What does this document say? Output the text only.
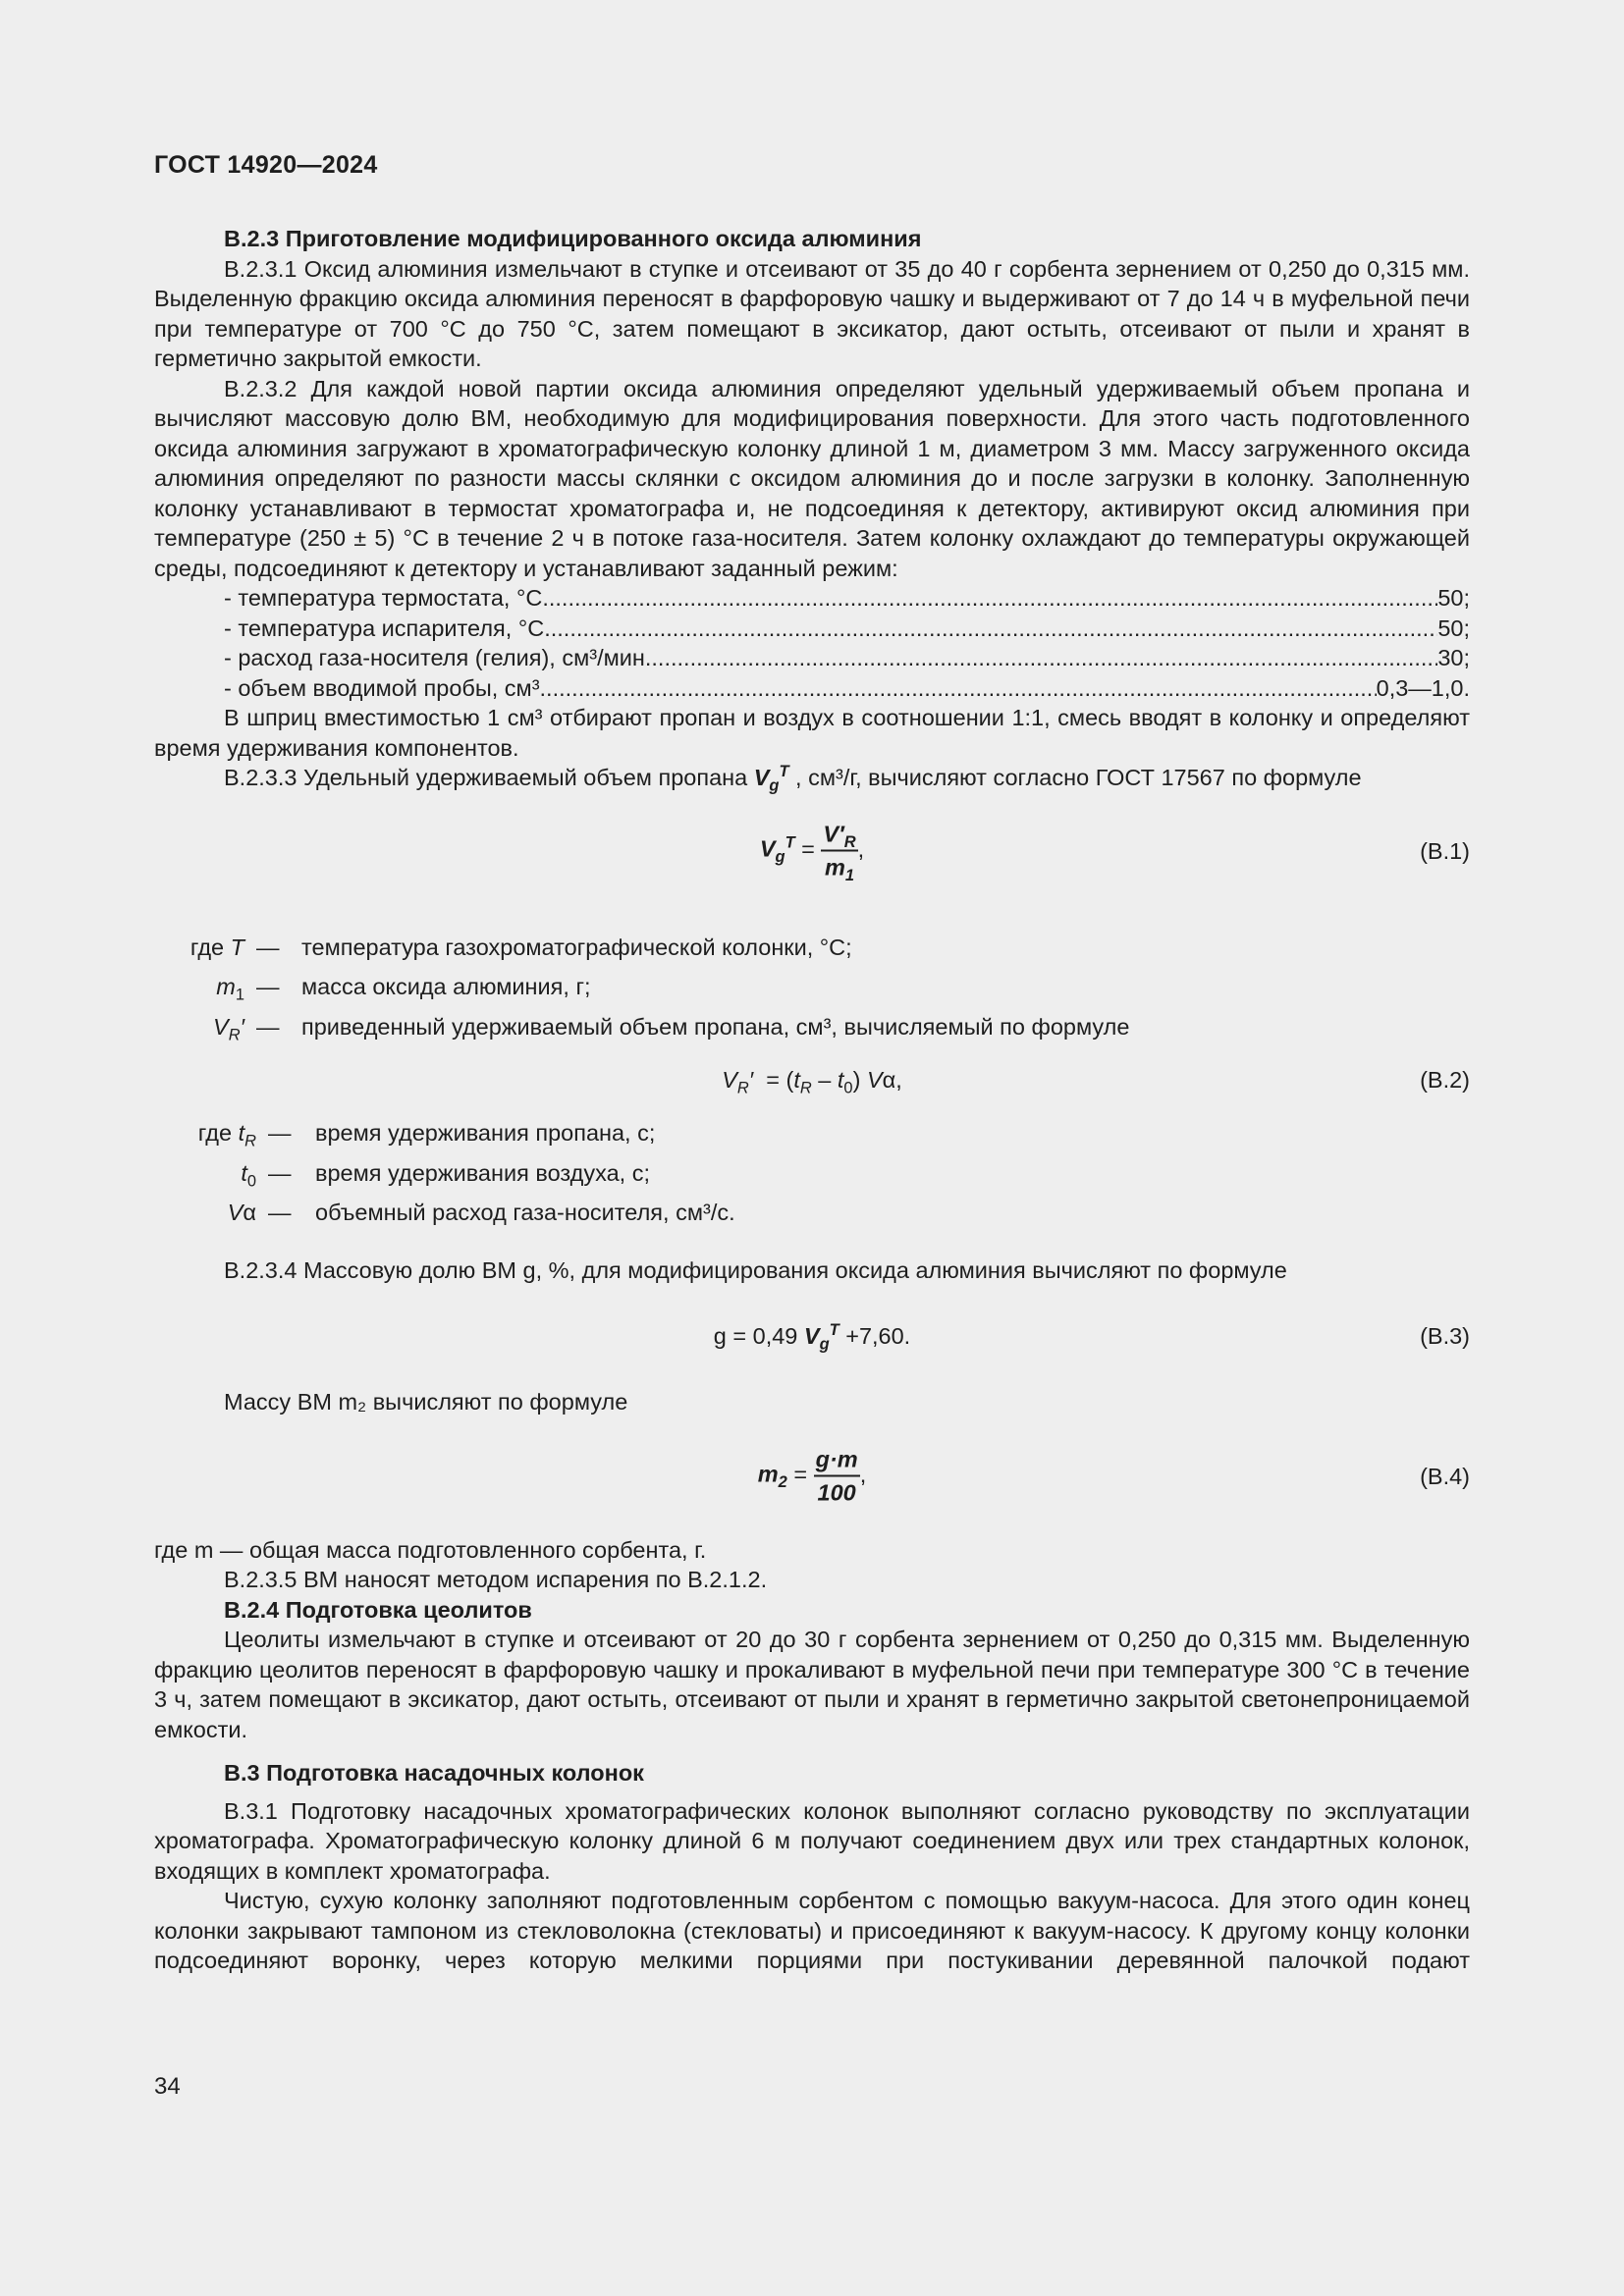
ГОСТ 14920—2024

В.2.3 Приготовление модифицированного оксида алюминия

В.2.3.1 Оксид алюминия измельчают в ступке и отсеивают от 35 до 40 г сорбента зернением от 0,250 до 0,315 мм. Выделенную фракцию оксида алюминия переносят в фарфоровую чашку и выдерживают от 7 до 14 ч в муфельной печи при температуре от 700 °С до 750 °С, затем помещают в эксикатор, дают остыть, отсеивают от пыли и хранят в герметично закрытой емкости.

В.2.3.2 Для каждой новой партии оксида алюминия определяют удельный удерживаемый объем пропана и вычисляют массовую долю ВМ, необходимую для модифицирования поверхности. Для этого часть подготовленного оксида алюминия загружают в хроматографическую колонку длиной 1 м, диаметром 3 мм. Массу загруженного оксида алюминия определяют по разности массы склянки с оксидом алюминия до и после загрузки в колонку. Заполненную колонку устанавливают в термостат хроматографа и, не подсоединяя к детектору, активируют оксид алюминия при температуре (250 ± 5) °С в течение 2 ч в потоке газа-носителя. Затем колонку охлаждают до температуры окружающей среды, подсоединяют к детектору и устанавливают заданный режим:

- температура термостата, °С .....	50;
- температура испарителя, °С .....	50;
- расход газа-носителя (гелия), см³/мин .....	30;
- объем вводимой пробы, см³ .....	0,3—1,0.

В шприц вместимостью 1 см³ отбирают пропан и воздух в соотношении 1:1, смесь вводят в колонку и определяют время удерживания компонентов.

В.2.3.3 Удельный удерживаемый объем пропана $V_g^T$ , см³/г, вычисляют согласно ГОСТ 17567 по формуле

$V_g^T = \frac{V'_R}{m_1}$ ,	(В.1)
где T — температура газохроматографической колонки, °С;
$m_1$ — масса оксида алюминия, г;
$V_R'$ — приведенный удерживаемый объем пропана, см³, вычисляемый по формуле
$V_R' = (t_R - t_0)$ Vα,	(В.2)
где $t_R$ —	время удерживания пропана, с;
$t_0$ —	время удерживания воздуха, с;
Vα —	объемный расход газа-носителя, см³/с.

В.2.3.4 Массовую долю ВМ g, %, для модифицирования оксида алюминия вычисляют по формуле

g = 0,49 $V_g^T +7,60$.	(В.3)

Массу ВМ m₂ вычисляют по формуле

$m_2 = \frac{g\cdot m}{100}$ ,	(В.4)

где m — общая масса подготовленного сорбента, г.

В.2.3.5 ВМ наносят методом испарения по В.2.1.2.

В.2.4 Подготовка цеолитов

Цеолиты измельчают в ступке и отсеивают от 20 до 30 г сорбента зернением от 0,250 до 0,315 мм. Выделенную фракцию цеолитов переносят в фарфоровую чашку и прокаливают в муфельной печи при температуре 300 °С в течение 3 ч, затем помещают в эксикатор, дают остыть, отсеивают от пыли и хранят в герметично закрытой светонепроницаемой емкости.

В.3 Подготовка насадочных колонок

В.3.1 Подготовку насадочных хроматографических колонок выполняют согласно руководству по эксплуатации хроматографа. Хроматографическую колонку длиной 6 м получают соединением двух или трех стандартных колонок, входящих в комплект хроматографа.

Чистую, сухую колонку заполняют подготовленным сорбентом с помощью вакуум-насоса. Для этого один конец колонки закрывают тампоном из стекловолокна (стекловаты) и присоединяют к вакуум-насосу. К другому концу колонки подсоединяют воронку, через которую мелкими порциями при постукивании деревянной палочкой подают

34
